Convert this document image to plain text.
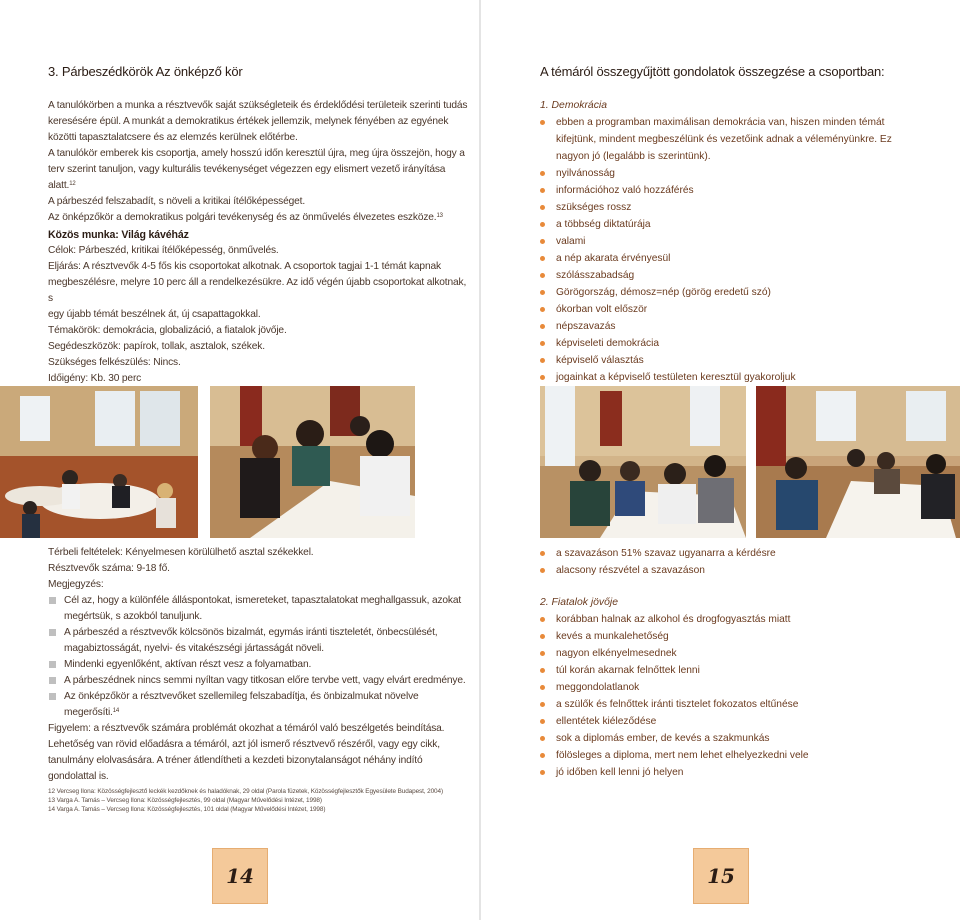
3. Párbeszédkörök Az önképző kör

A tanulókörben a munka a résztvevők saját szükségleteik és érdeklődési területeik szerinti tudás

keresésére épül. A munkát a demokratikus értékek jellemzik, melynek fényében az egyének

közötti tapasztalatcsere és az elemzés kerülnek előtérbe.

A tanulókör emberek kis csoportja, amely hosszú időn keresztül újra, meg újra összejön, hogy a

terv szerint tanuljon, vagy kulturális tevékenységet végezzen egy elismert vezető irányítása alatt.$^{12}$

A párbeszéd felszabadít, s növeli a kritikai ítélőképességet.

Az önképzőkör a demokratikus polgári tevékenység és az önművelés élvezetes eszköze.$^{13}$

Közös munka: Világ kávéház

Célok: Párbeszéd, kritikai ítélőképesség, önművelés.

Eljárás: A résztvevők 4-5 fős kis csoportokat alkotnak. A csoportok tagjai 1-1 témát kapnak

megbeszélésre, melyre 10 perc áll a rendelkezésükre. Az idő végén újabb csoportokat alkotnak, s

egy újabb témát beszélnek át, új csapattagokkal.

Témakörök: demokrácia, globalizáció, a fiatalok jövője.

Segédeszközök: papírok, tollak, asztalok, székek.

Szükséges felkészülés: Nincs.

Időigény: Kb. 30 perc

Térbeli feltételek: Kényelmesen körülülhető asztal székekkel.

Résztvevők száma: 9-18 fő.

Megjegyzés:

Cél az, hogy a különféle álláspontokat, ismereteket, tapasztalatokat meghallgassuk, azokat megértsük, s azokból tanuljunk.
A párbeszéd a résztvevők kölcsönös bizalmát, egymás iránti tiszteletét, önbecsülését, magabiztosságát, nyelvi- és vitakészségi jártasságát növeli.
Mindenki egyenlőként, aktívan részt vesz a folyamatban.
A párbeszédnek nincs semmi nyíltan vagy titkosan előre tervbe vett, vagy elvárt eredménye.
Az önképzőkör a résztvevőket szellemileg felszabadítja, és önbizalmukat növelve megerősíti.$^{14}$

Figyelem: a résztvevők számára problémát okozhat a témáról való beszélgetés beindítása.

Lehetőség van rövid előadásra a témáról, azt jól ismerő résztvevő részéről, vagy egy cikk,

tanulmány elolvasására. A tréner átlendítheti a kezdeti bizonytalanságot néhány indító

gondolattal is.

12 Vercseg Ilona: Közösségfejlesztő leckék kezdőknek és haladóknak, 29 oldal (Parola füzetek, Közösségfejlesztők Egyesülete Budapest, 2004)

13 Varga A. Tamás – Vercseg Ilona: Közösségfejlesztés, 99 oldal (Magyar Művelődési Intézet, 1998)

14 Varga A. Tamás – Vercseg Ilona: Közösségfejlesztés, 101 oldal (Magyar Művelődési Intézet, 1998)

14
A témáról összegyűjtött gondolatok összegzése a csoportban:
1. Demokrácia
ebben a programban maximálisan demokrácia van, hiszen minden témát kifejtünk, mindent megbeszélünk és vezetőink adnak a véleményünkre. Ez nagyon jó (legalább is szerintünk).
nyilvánosság
információhoz való hozzáférés
szükséges rossz
a többség diktatúrája
valami
a nép akarata érvényesül
szólásszabadság
Görögország, démosz=nép (görög eredetű szó)
ókorban volt először
népszavazás
képviseleti demokrácia
képviselő választás
jogainkat a képviselő testületen keresztül gyakoroljuk
a szavazáson 51% szavaz ugyanarra a kérdésre
alacsony részvétel a szavazáson
2. Fiatalok jövője
korábban halnak az alkohol és drogfogyasztás miatt
kevés a munkalehetőség
nagyon elkényelmesednek
túl korán akarnak felnőttek lenni
meggondolatlanok
a szülők és felnőttek iránti tisztelet fokozatos eltűnése
ellentétek kiéleződése
sok a diplomás ember, de kevés a szakmunkás
fölösleges a diploma, mert nem lehet elhelyezkedni vele
jó időben kell lenni jó helyen
15
